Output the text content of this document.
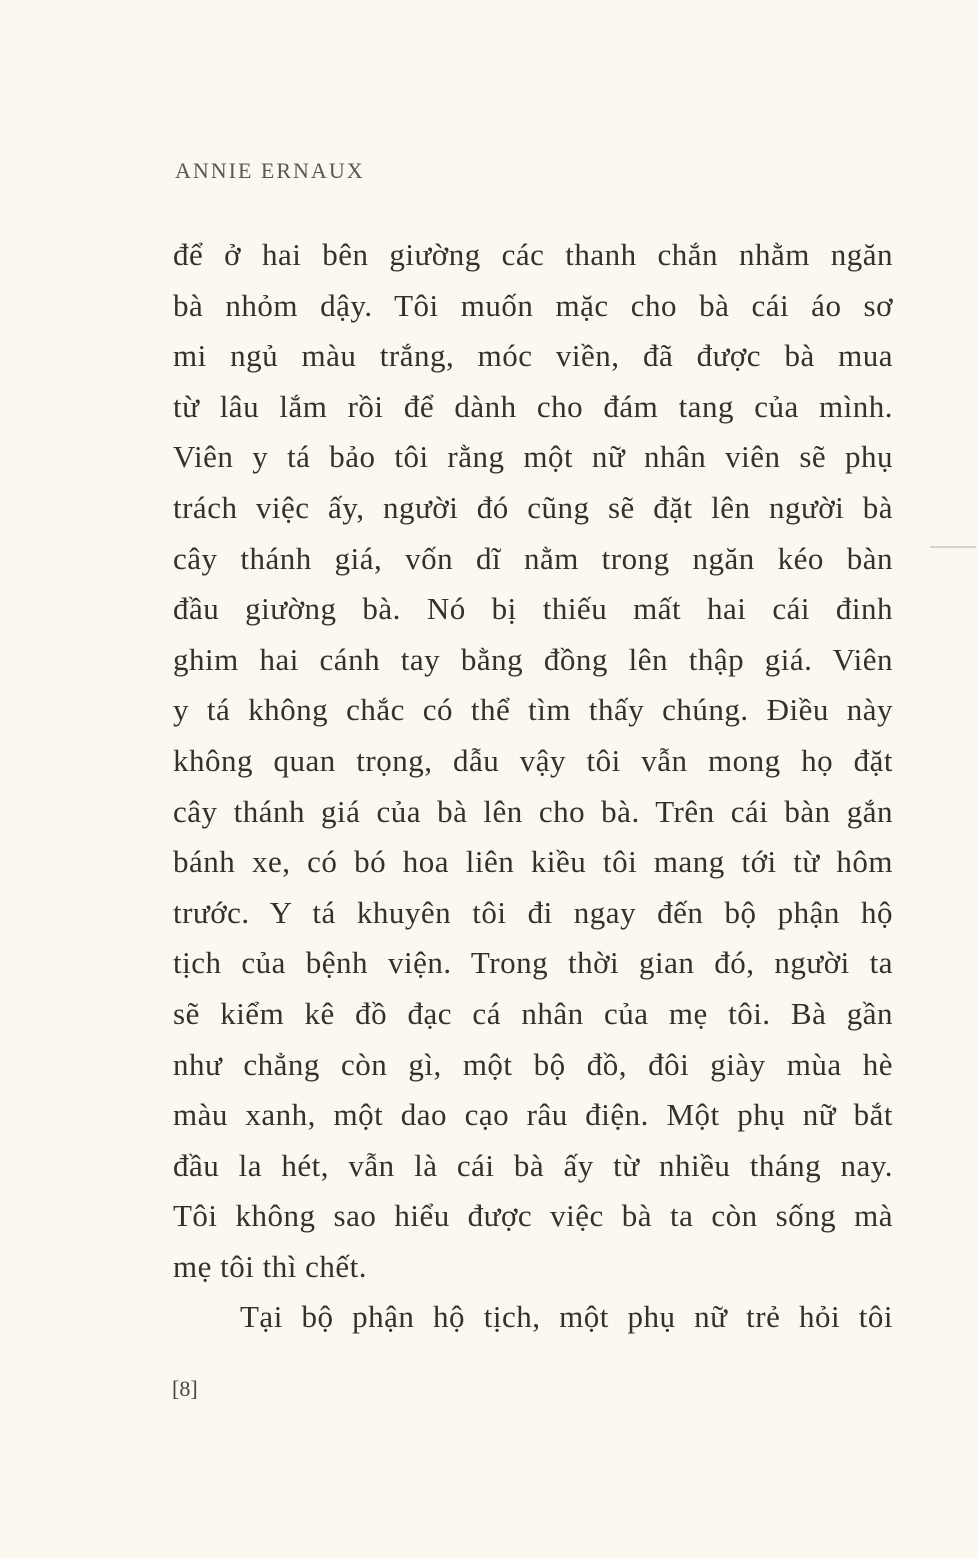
ANNIE ERNAUX
để ở hai bên giường các thanh chắn nhằm ngăn
bà nhỏm dậy. Tôi muốn mặc cho bà cái áo sơ
mi ngủ màu trắng, móc viền, đã được bà mua
từ lâu lắm rồi để dành cho đám tang của mình.
Viên y tá bảo tôi rằng một nữ nhân viên sẽ phụ
trách việc ấy, người đó cũng sẽ đặt lên người bà
cây thánh giá, vốn dĩ nằm trong ngăn kéo bàn
đầu giường bà. Nó bị thiếu mất hai cái đinh
ghim hai cánh tay bằng đồng lên thập giá. Viên
y tá không chắc có thể tìm thấy chúng. Điều này
không quan trọng, dẫu vậy tôi vẫn mong họ đặt
cây thánh giá của bà lên cho bà. Trên cái bàn gắn
bánh xe, có bó hoa liên kiều tôi mang tới từ hôm
trước. Y tá khuyên tôi đi ngay đến bộ phận hộ
tịch của bệnh viện. Trong thời gian đó, người ta
sẽ kiểm kê đồ đạc cá nhân của mẹ tôi. Bà gần
như chẳng còn gì, một bộ đồ, đôi giày mùa hè
màu xanh, một dao cạo râu điện. Một phụ nữ bắt
đầu la hét, vẫn là cái bà ấy từ nhiều tháng nay.
Tôi không sao hiểu được việc bà ta còn sống mà
mẹ tôi thì chết.
Tại bộ phận hộ tịch, một phụ nữ trẻ hỏi tôi
[8]
